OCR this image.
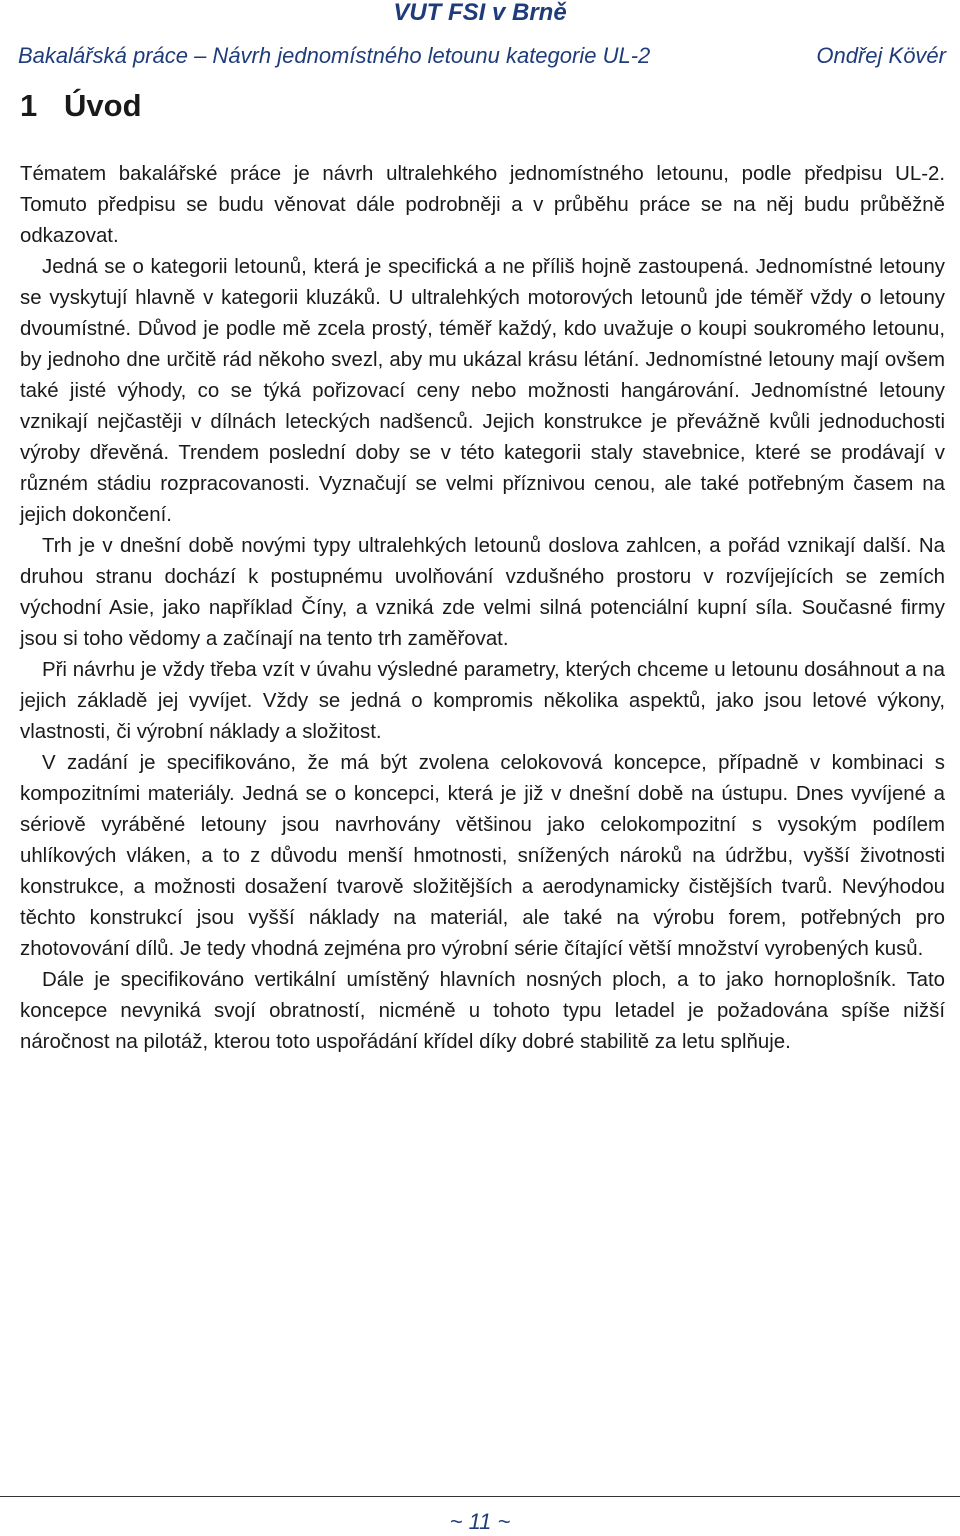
VUT FSI v Brně
Bakalářská práce – Návrh jednomístného letounu kategorie UL-2	Ondřej Kövér
1 Úvod

Tématem bakalářské práce je návrh ultralehkého jednomístného letounu, podle předpisu UL-2. Tomuto předpisu se budu věnovat dále podrobněji a v průběhu práce se na něj budu průběžně odkazovat.

Jedná se o kategorii letounů, která je specifická a ne příliš hojně zastoupená. Jednomístné letouny se vyskytují hlavně v kategorii kluzáků. U ultralehkých motorových letounů jde téměř vždy o letouny dvoumístné. Důvod je podle mě zcela prostý, téměř každý, kdo uvažuje o koupi soukromého letounu, by jednoho dne určitě rád někoho svezl, aby mu ukázal krásu létání. Jednomístné letouny mají ovšem také jisté výhody, co se týká pořizovací ceny nebo možnosti hangárování. Jednomístné letouny vznikají nejčastěji v dílnách leteckých nadšenců. Jejich konstrukce je převážně kvůli jednoduchosti výroby dřevěná. Trendem poslední doby se v této kategorii staly stavebnice, které se prodávají v různém stádiu rozpracovanosti. Vyznačují se velmi příznivou cenou, ale také potřebným časem na jejich dokončení.

Trh je v dnešní době novými typy ultralehkých letounů doslova zahlcen, a pořád vznikají další. Na druhou stranu dochází k postupnému uvolňování vzdušného prostoru v rozvíjejících se zemích východní Asie, jako například Číny, a vzniká zde velmi silná potenciální kupní síla. Současné firmy jsou si toho vědomy a začínají na tento trh zaměřovat.

Při návrhu je vždy třeba vzít v úvahu výsledné parametry, kterých chceme u letounu dosáhnout a na jejich základě jej vyvíjet. Vždy se jedná o kompromis několika aspektů, jako jsou letové výkony, vlastnosti, či výrobní náklady a složitost.

V zadání je specifikováno, že má být zvolena celokovová koncepce, případně v kombinaci s kompozitními materiály. Jedná se o koncepci, která je již v dnešní době na ústupu. Dnes vyvíjené a sériově vyráběné letouny jsou navrhovány většinou jako celokompozitní s vysokým podílem uhlíkových vláken, a to z důvodu menší hmotnosti, snížených nároků na údržbu, vyšší životnosti konstrukce, a možnosti dosažení tvarově složitějších a aerodynamicky čistějších tvarů. Nevýhodou těchto konstrukcí jsou vyšší náklady na materiál, ale také na výrobu forem, potřebných pro zhotovování dílů. Je tedy vhodná zejména pro výrobní série čítající větší množství vyrobených kusů.

Dále je specifikováno vertikální umístěný hlavních nosných ploch, a to jako hornoplošník. Tato koncepce nevyniká svojí obratností, nicméně u tohoto typu letadel je požadována spíše nižší náročnost na pilotáž, kterou toto uspořádání křídel díky dobré stabilitě za letu splňuje.

~ 11 ~
